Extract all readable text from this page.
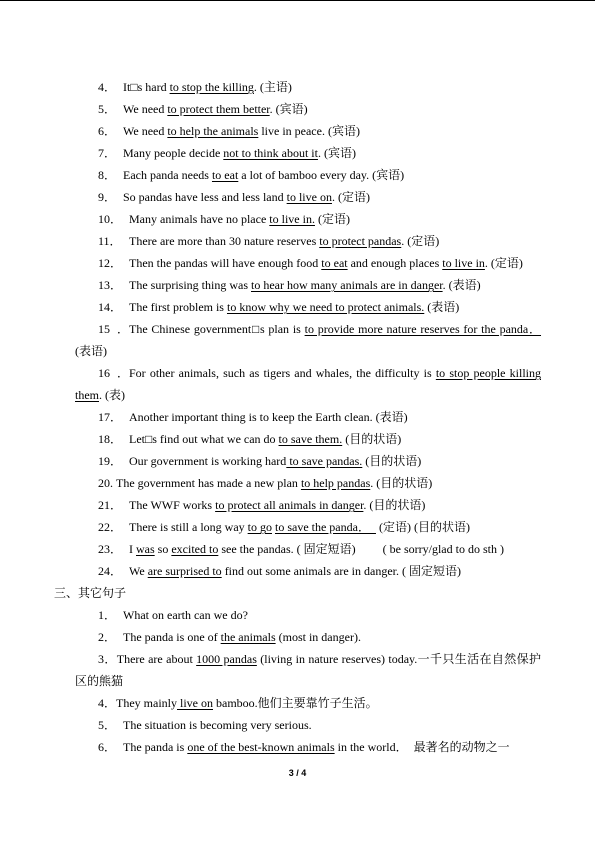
4． It□s hard to stop the killing. (主语)
5． We need to protect them better. (宾语)
6． We need to help the animals live in peace. (宾语)
7． Many people decide not to think about it. (宾语)
8． Each panda needs to eat a lot of bamboo every day. (宾语)
9． So pandas have less and less land to live on. (定语)
10． Many animals have no place to live in. (定语)
11． There are more than 30 nature reserves to protect pandas. (定语)
12． Then the pandas will have enough food to eat and enough places to live in. (定语)
13． The surprising thing was to hear how many animals are in danger. (表语)
14． The first problem is to know why we need to protect animals. (表语)
15．The Chinese government□s plan is to provide more nature reserves for the panda．
(表语)
16．For other animals, such as tigers and whales, the difficulty is to stop people killing
them. (表)
17． Another important thing is to keep the Earth clean. (表语)
18． Let□s find out what we can do to save them. (目的状语)
19． Our government is working hard to save pandas. (目的状语)
20. The government has made a new plan to help pandas. (目的状语)
21． The WWF works to protect all animals in danger. (目的状语)
22． There is still a long way to go to save the panda．   (定语) (目的状语)
23． I was so excited to see the pandas. ( 固定短语) ( be sorry/glad to do sth )
24． We are surprised to find out some animals are in danger. ( 固定短语)
三、其它句子
1． What on earth can we do?
2． The panda is one of the animals (most in danger).
3．There are about 1000 pandas (living in nature reserves) today.一千只生活在自然保护
区的熊猫
4．They mainly live on bamboo.他们主要靠竹子生活。
5． The situation is becoming very serious.
6． The panda is one of the best-known animals in the world． 最著名的动物之一
3 / 4
